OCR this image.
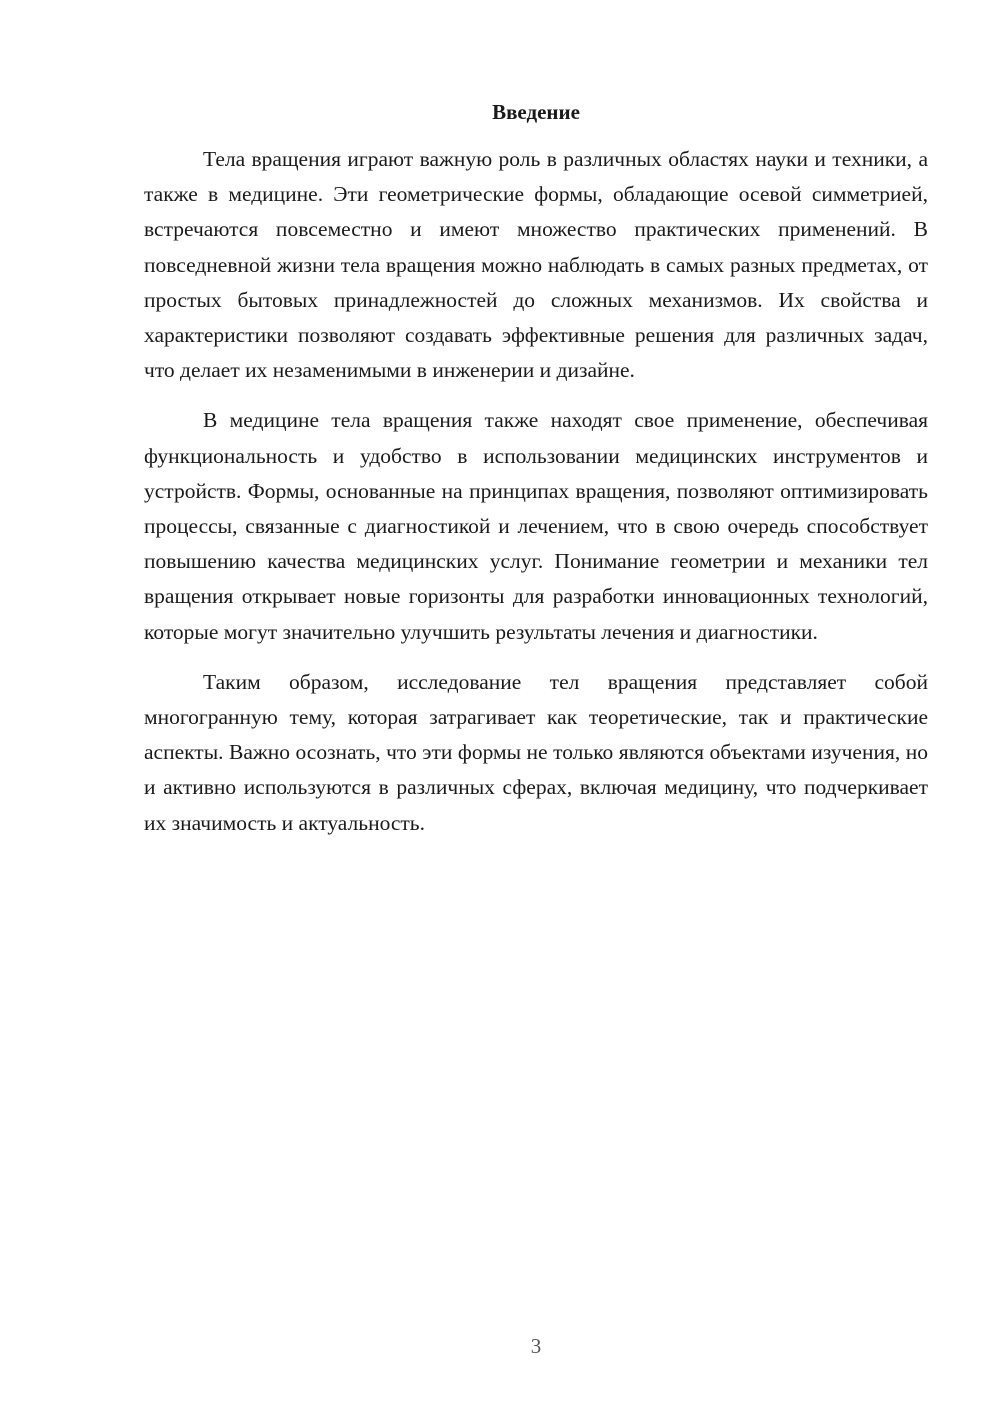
Введение

Тела вращения играют важную роль в различных областях науки и техники, а также в медицине. Эти геометрические формы, обладающие осевой симметрией, встречаются повсеместно и имеют множество практических применений. В повседневной жизни тела вращения можно наблюдать в самых разных предметах, от простых бытовых принадлежностей до сложных механизмов. Их свойства и характеристики позволяют создавать эффективные решения для различных задач, что делает их незаменимыми в инженерии и дизайне.

В медицине тела вращения также находят свое применение, обеспечивая функциональность и удобство в использовании медицинских инструментов и устройств. Формы, основанные на принципах вращения, позволяют оптимизировать процессы, связанные с диагностикой и лечением, что в свою очередь способствует повышению качества медицинских услуг. Понимание геометрии и механики тел вращения открывает новые горизонты для разработки инновационных технологий, которые могут значительно улучшить результаты лечения и диагностики.

Таким образом, исследование тел вращения представляет собой многогранную тему, которая затрагивает как теоретические, так и практические аспекты. Важно осознать, что эти формы не только являются объектами изучения, но и активно используются в различных сферах, включая медицину, что подчеркивает их значимость и актуальность.

3
